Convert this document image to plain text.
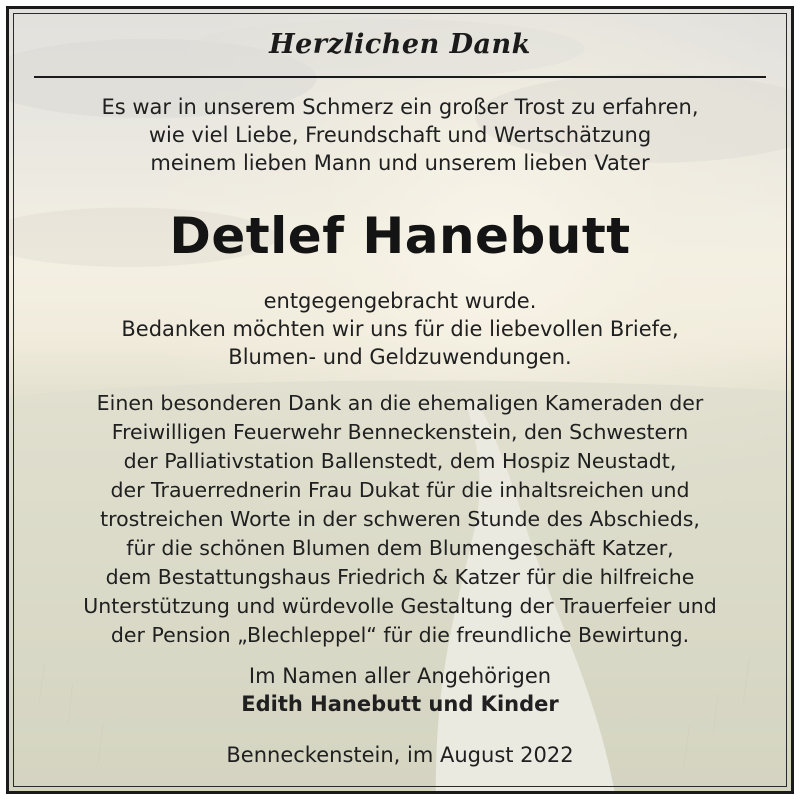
Herzlichen Dank
Es war in unserem Schmerz ein großer Trost zu erfahren,
wie viel Liebe, Freundschaft und Wertschätzung
meinem lieben Mann und unserem lieben Vater
Detlef Hanebutt
entgegengebracht wurde.
Bedanken möchten wir uns für die liebevollen Briefe,
Blumen- und Geldzuwendungen.
Einen besonderen Dank an die ehemaligen Kameraden der
Freiwilligen Feuerwehr Benneckenstein, den Schwestern
der Palliativstation Ballenstedt, dem Hospiz Neustadt,
der Trauerrednerin Frau Dukat für die inhaltsreichen und
trostreichen Worte in der schweren Stunde des Abschieds,
für die schönen Blumen dem Blumengeschäft Katzer,
dem Bestattungshaus Friedrich & Katzer für die hilfreiche
Unterstützung und würdevolle Gestaltung der Trauerfeier und
der Pension „Blechleppel“ für die freundliche Bewirtung.
Im Namen aller Angehörigen
Edith Hanebutt und Kinder
Benneckenstein, im August 2022
